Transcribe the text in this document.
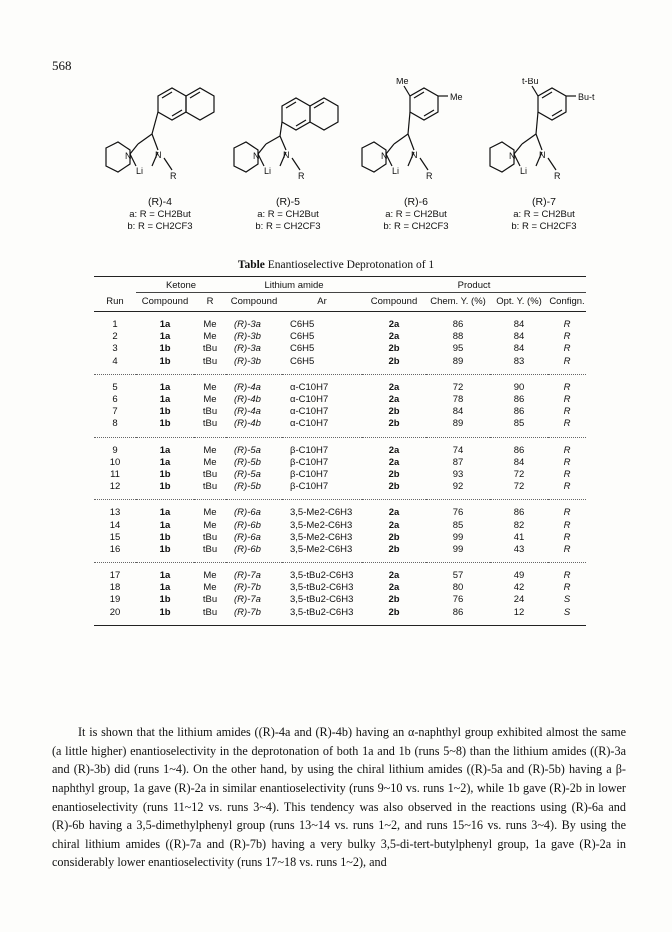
568
N	N
Li	R
(R)-4
a: R = CH2But
b: R = CH2CF3
N	N
Li	R
(R)-5
a: R = CH2But
b: R = CH2CF3
Me
Me
N	N
Li	R
(R)-6
a: R = CH2But
b: R = CH2CF3
t-Bu
Bu-t
N	N
Li	R
(R)-7
a: R = CH2But
b: R = CH2CF3
Table Enantioselective Deprotonation of 1
	Ketone		Lithium amide		Product			
Run	Compound	R	Compound	Ar	Compound	Chem. Y. (%)	Opt. Y. (%)	Confign.
1	1a	Me	(R)-3a	C6H5	2a	86	84	R
2	1a	Me	(R)-3b	C6H5	2a	88	84	R
3	1b	tBu	(R)-3a	C6H5	2b	95	84	R
4	1b	tBu	(R)-3b	C6H5	2b	89	83	R
5	1a	Me	(R)-4a	α-C10H7	2a	72	90	R
6	1a	Me	(R)-4b	α-C10H7	2a	78	86	R
7	1b	tBu	(R)-4a	α-C10H7	2b	84	86	R
8	1b	tBu	(R)-4b	α-C10H7	2b	89	85	R
9	1a	Me	(R)-5a	β-C10H7	2a	74	86	R
10	1a	Me	(R)-5b	β-C10H7	2a	87	84	R
11	1b	tBu	(R)-5a	β-C10H7	2b	93	72	R
12	1b	tBu	(R)-5b	β-C10H7	2b	92	72	R
13	1a	Me	(R)-6a	3,5-Me2-C6H3	2a	76	86	R
14	1a	Me	(R)-6b	3,5-Me2-C6H3	2a	85	82	R
15	1b	tBu	(R)-6a	3,5-Me2-C6H3	2b	99	41	R
16	1b	tBu	(R)-6b	3,5-Me2-C6H3	2b	99	43	R
17	1a	Me	(R)-7a	3,5-tBu2-C6H3	2a	57	49	R
18	1a	Me	(R)-7b	3,5-tBu2-C6H3	2a	80	42	R
19	1b	tBu	(R)-7a	3,5-tBu2-C6H3	2b	76	24	S
20	1b	tBu	(R)-7b	3,5-tBu2-C6H3	2b	86	12	S

It is shown that the lithium amides ((R)-4a and (R)-4b) having an α-naphthyl group exhibited almost the same (a little higher) enantioselectivity in the deprotonation of both 1a and 1b (runs 5~8) than the lithium amides ((R)-3a and (R)-3b) did (runs 1~4). On the other hand, by using the chiral lithium amides ((R)-5a and (R)-5b) having a β-naphthyl group, 1a gave (R)-2a in similar enantioselectivity (runs 9~10 vs. runs 1~2), while 1b gave (R)-2b in lower enantioselectivity (runs 11~12 vs. runs 3~4). This tendency was also observed in the reactions using (R)-6a and (R)-6b having a 3,5-dimethylphenyl group (runs 13~14 vs. runs 1~2, and runs 15~16 vs. runs 3~4). By using the chiral lithium amides ((R)-7a and (R)-7b) having a very bulky 3,5-di-tert-butylphenyl group, 1a gave (R)-2a in considerably lower enantioselectivity (runs 17~18 vs. runs 1~2), and
